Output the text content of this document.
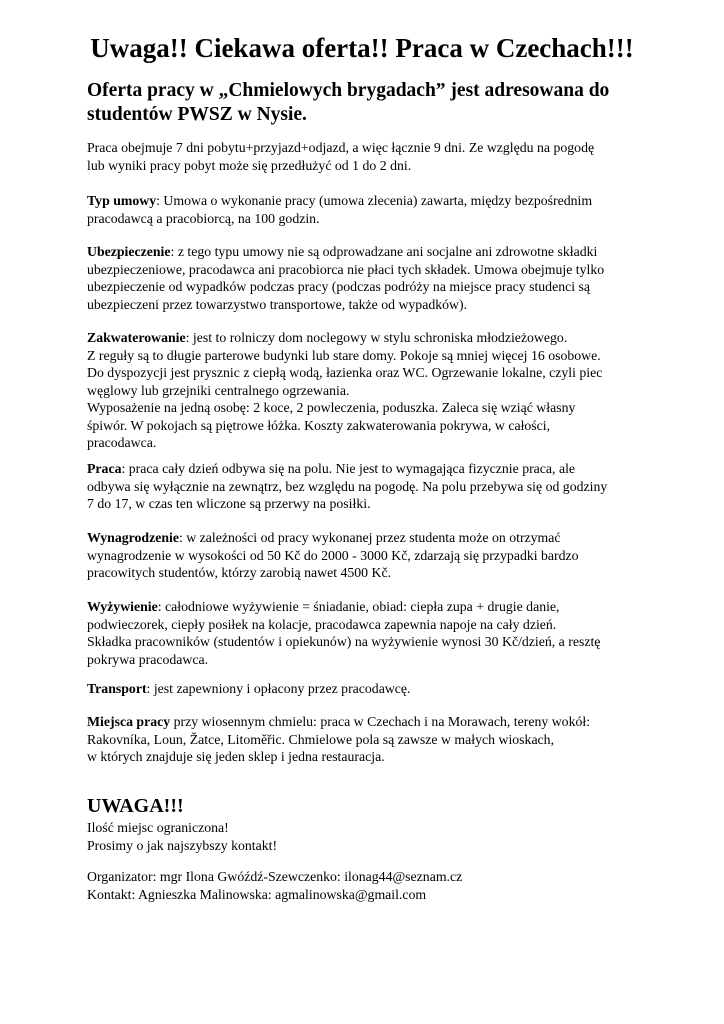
Uwaga!! Ciekawa oferta!! Praca w Czechach!!!
Oferta pracy w „Chmielowych brygadach” jest adresowana do
studentów PWSZ w Nysie.
Praca obejmuje 7 dni pobytu+przyjazd+odjazd, a więc łącznie 9 dni. Ze względu na pogodę
lub wyniki pracy pobyt może się przedłużyć od 1 do 2 dni.
Typ umowy: Umowa o wykonanie pracy (umowa zlecenia) zawarta, między bezpośrednim
pracodawcą a pracobiorcą, na 100 godzin.
Ubezpieczenie: z tego typu umowy nie są odprowadzane ani socjalne ani zdrowotne składki
ubezpieczeniowe, pracodawca ani pracobiorca nie płaci tych składek. Umowa obejmuje tylko
ubezpieczenie od wypadków podczas pracy (podczas podróży na miejsce pracy studenci są
ubezpieczeni przez towarzystwo transportowe, także od wypadków).
Zakwaterowanie: jest to rolniczy dom noclegowy w stylu schroniska młodzieżowego.
Z reguły są to długie parterowe budynki lub stare domy. Pokoje są mniej więcej 16 osobowe.
Do dyspozycji jest prysznic z ciepłą wodą, łazienka oraz WC. Ogrzewanie lokalne, czyli piec
węglowy lub grzejniki centralnego ogrzewania.
Wyposażenie na jedną osobę: 2 koce, 2 powleczenia, poduszka. Zaleca się wziąć własny
śpiwór. W pokojach są piętrowe łóżka. Koszty zakwaterowania pokrywa, w całości,
pracodawca.
Praca: praca cały dzień odbywa się na polu. Nie jest to wymagająca fizycznie praca, ale
odbywa się wyłącznie na zewnątrz, bez względu na pogodę. Na polu przebywa się od godziny
7 do 17, w czas ten wliczone są przerwy na posiłki.
Wynagrodzenie: w zależności od pracy wykonanej przez studenta może on otrzymać
wynagrodzenie w wysokości od 50 Kč do 2000 - 3000 Kč, zdarzają się przypadki bardzo
pracowitych studentów, którzy zarobią nawet 4500 Kč.
Wyżywienie: całodniowe wyżywienie = śniadanie, obiad: ciepła zupa + drugie danie,
podwieczorek, ciepły posiłek na kolacje, pracodawca zapewnia napoje na cały dzień.
Składka pracowników (studentów i opiekunów) na wyżywienie wynosi 30 Kč/dzień, a resztę
pokrywa pracodawca.
Transport: jest zapewniony i opłacony przez pracodawcę.
Miejsca pracy przy wiosennym chmielu: praca w Czechach i na Morawach, tereny wokół:
Rakovníka, Loun, Žatce, Litoměřic. Chmielowe pola są zawsze w małych wioskach,
w których znajduje się jeden sklep i jedna restauracja.
UWAGA!!!
Ilość miejsc ograniczona!
Prosimy o jak najszybszy kontakt!
Organizator: mgr Ilona Gwóźdź-Szewczenko: ilonag44@seznam.cz
Kontakt: Agnieszka Malinowska: agmalinowska@gmail.com
